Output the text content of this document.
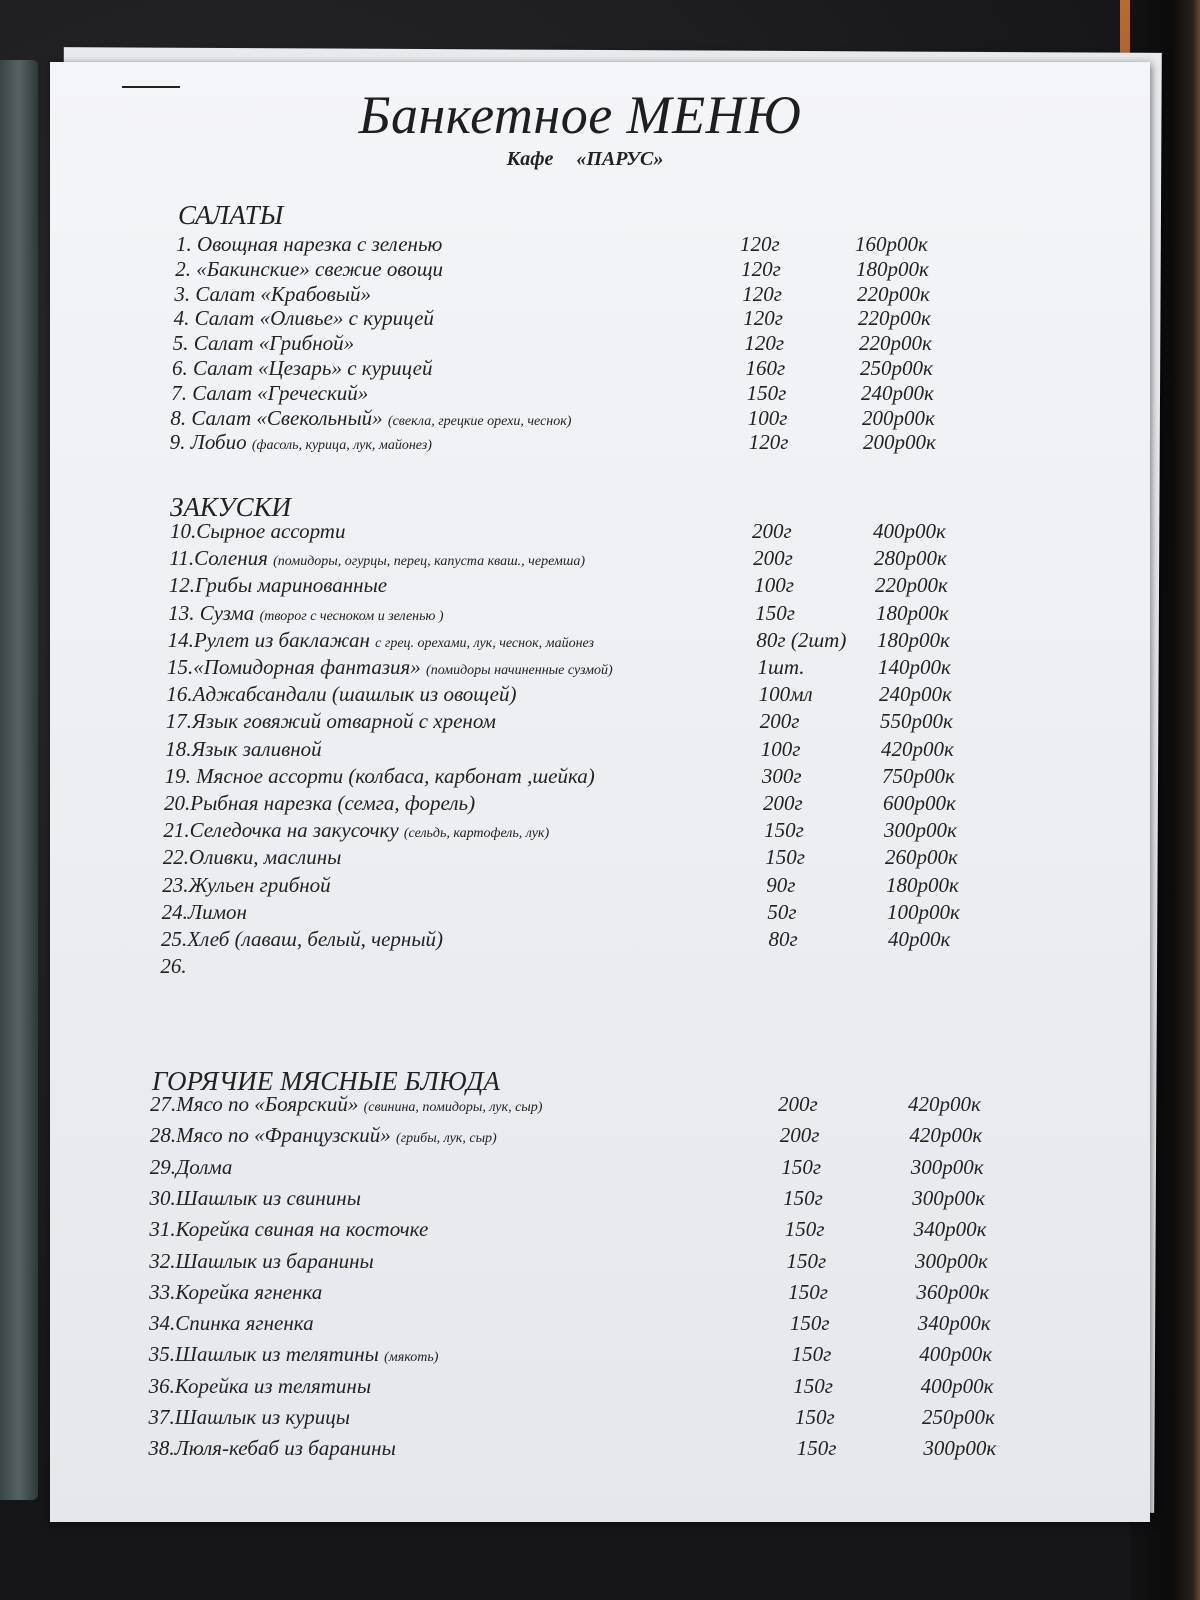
Банкетное МЕНЮ
Кафе «ПАРУС»
САЛАТЫ
1. Овощная нарезка с зеленью	120г	160р00к
2. «Бакинские» свежие овощи	120г	180р00к
3. Салат «Крабовый»	120г	220р00к
4. Салат «Оливье» с курицей	120г	220р00к
5. Салат «Грибной»	120г	220р00к
6. Салат «Цезарь» с курицей	160г	250р00к
7. Салат «Греческий»	150г	240р00к
8. Салат «Свекольный» (свекла, грецкие орехи, чеснок)	100г	200р00к
9. Лобио (фасоль, курица, лук, майонез)	120г	200р00к
ЗАКУСКИ
10.Сырное ассорти	200г	400р00к
11.Соления (помидоры, огурцы, перец, капуста кваш., черемша)	200г	280р00к
12.Грибы маринованные	100г	220р00к
13. Сузма (творог с чесноком и зеленью )	150г	180р00к
14.Рулет из баклажан с грец. орехами, лук, чеснок, майонез	80г (2шт) 180р00к
15.«Помидорная фантазия» (помидоры начиненные сузмой)	1шт.	140р00к
16.Аджабсандали (шашлык из овощей)	100мл	240р00к
17.Язык говяжий отварной с хреном	200г	550р00к
18.Язык заливной	100г	420р00к
19. Мясное ассорти (колбаса, карбонат ,шейка)	300г	750р00к
20.Рыбная нарезка (семга, форель)	200г	600р00к
21.Селедочка на закусочку (сельдь, картофель, лук)	150г	300р00к
22.Оливки, маслины	150г	260р00к
23.Жульен грибной	90г	180р00к
24.Лимон	50г	100р00к
25.Хлеб (лаваш, белый, черный)	80г	40р00к
26.
ГОРЯЧИЕ МЯСНЫЕ БЛЮДА
27.Мясо по «Боярский» (свинина, помидоры, лук, сыр)	200г	420р00к
28.Мясо по «Французский» (грибы, лук, сыр)	200г	420р00к
29.Долма	150г	300р00к
30.Шашлык из свинины	150г	300р00к
31.Корейка свиная на косточке	150г	340р00к
32.Шашлык из баранины	150г	300р00к
33.Корейка ягненка	150г	360р00к
34.Спинка ягненка	150г	340р00к
35.Шашлык из телятины (мякоть)	150г	400р00к
36.Корейка из телятины	150г	400р00к
37.Шашлык из курицы	150г	250р00к
38.Люля-кебаб из баранины	150г	300р00к
